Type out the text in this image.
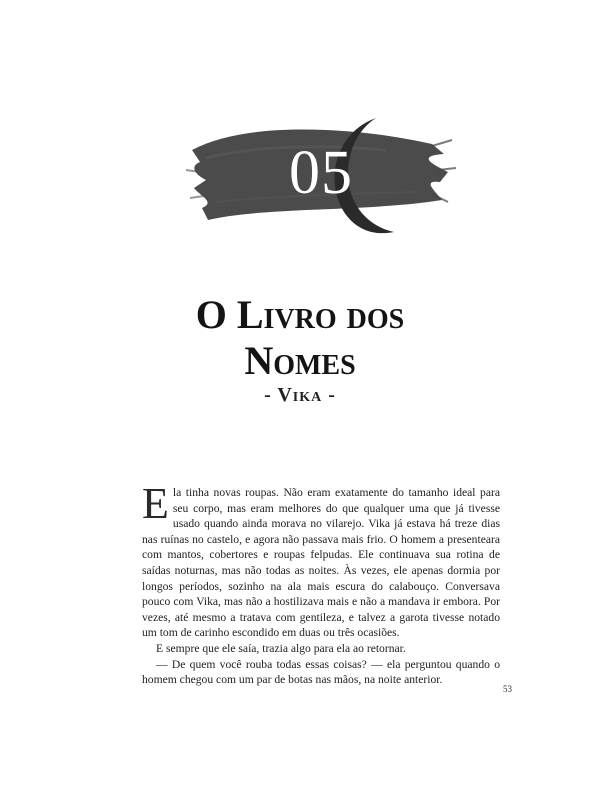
05
O Livro dos
Nomes
- Vika -

Ela tinha novas roupas. Não eram exatamente do tamanho ideal para seu corpo, mas eram melhores do que qualquer uma que já tivesse usado quando ainda morava no vilarejo. Vika já estava há treze dias nas ruínas no castelo, e agora não passava mais frio. O homem a presenteara com mantos, cobertores e roupas felpudas. Ele continuava sua rotina de saídas noturnas, mas não todas as noites. Às vezes, ele apenas dormia por longos períodos, sozinho na ala mais escura do calabouço. Conversava pouco com Vika, mas não a hostilizava mais e não a mandava ir embora. Por vezes, até mesmo a tratava com gentileza, e talvez a garota tivesse notado um tom de carinho escondido em duas ou três ocasiões.

E sempre que ele saía, trazia algo para ela ao retornar.

— De quem você rouba todas essas coisas? — ela perguntou quando o homem chegou com um par de botas nas mãos, na noite anterior.

53
